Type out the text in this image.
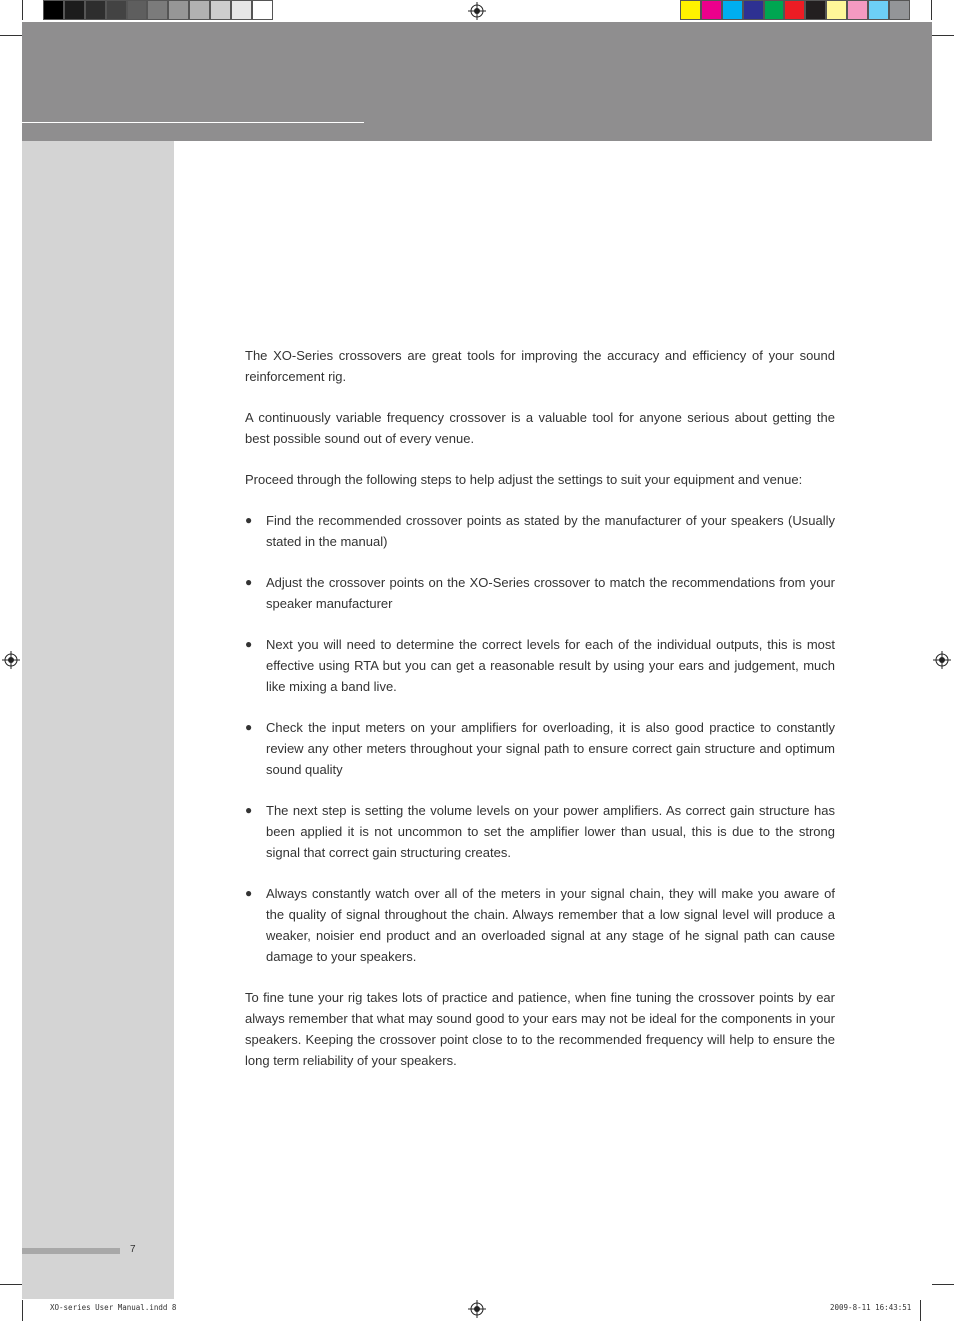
7

The XO-Series crossovers are great tools for improving the accuracy and efficiency of your sound reinforcement rig.

A continuously variable frequency crossover is a valuable tool for anyone serious about getting the best possible sound out of every venue.

Proceed through the following steps to help adjust the settings to suit your equipment and venue:

● Find the recommended crossover points as stated by the manufacturer of your speakers (Usually stated in the manual)
● Adjust the crossover points on the XO-Series crossover to match the recommendations from your speaker manufacturer
● Next you will need to determine the correct levels for each of the individual outputs, this is most effective using RTA but you can get a reasonable result by using your ears and judgement, much like mixing a band live.
● Check the input meters on your amplifiers for overloading, it is also good practice to constantly review any other meters throughout your signal path to ensure correct gain structure and optimum sound quality
● The next step is setting the volume levels on your power amplifiers. As correct gain structure has been applied it is not uncommon to set the amplifier lower than usual, this is due to the strong signal that correct gain structuring creates.
● Always constantly watch over all of the meters in your signal chain, they will make you aware of the quality of signal throughout the chain. Always remember that a low signal level will produce a weaker, noisier end product and an overloaded signal at any stage of he signal path can cause damage to your speakers.

To fine tune your rig takes lots of practice and patience, when fine tuning the crossover points by ear always remember that what may sound good to your ears may not be ideal for the components in your speakers. Keeping the crossover point close to to the recommended frequency will help to ensure the long term reliability of your speakers.

XO-series User Manual.indd 8	2009-8-11 16:43:51
